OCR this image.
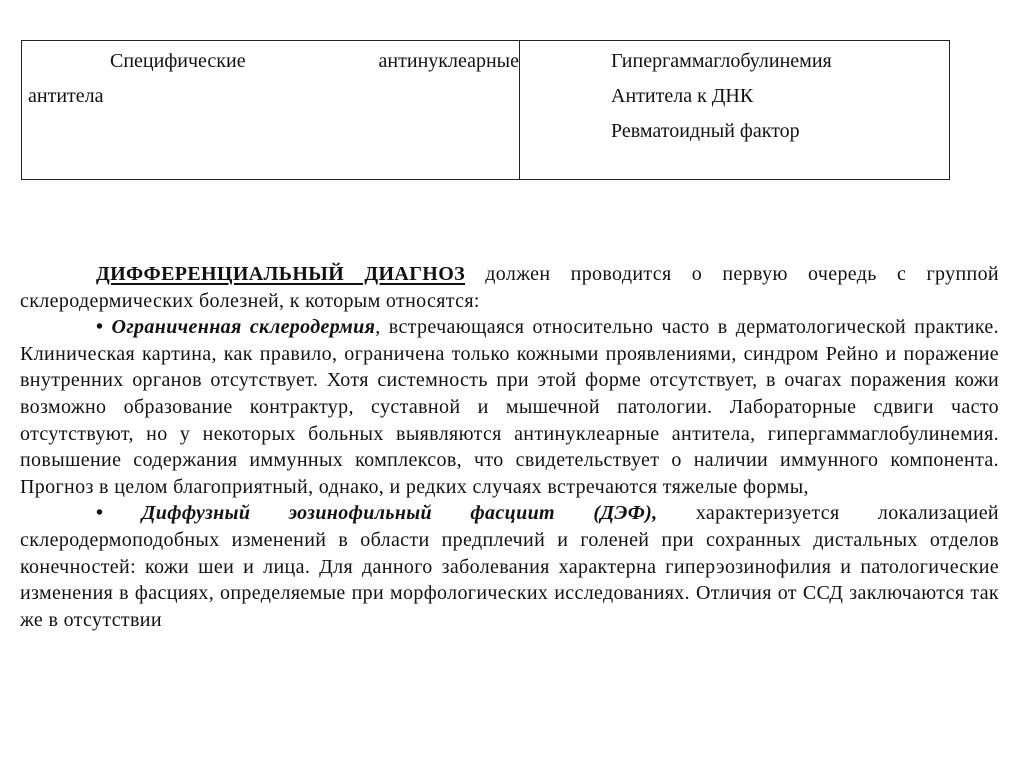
Специфические	антинуклеарные
антитела
Гипергаммаглобулинемия
Антитела к ДНК
Ревматоидный фактор

ДИФФЕРЕНЦИАЛЬНЫЙ ДИАГНОЗ должен проводится о первую очередь с группой склеродермических болезней, к которым относятся:

• Ограниченная склеродермия, встречающаяся относительно часто в дерматологической практике. Клиническая картина, как правило, ограничена только кожными проявлениями, синдром Рейно и поражение внутренних органов отсутствует. Хотя системность при этой форме отсутствует, в очагах поражения кожи возможно образование контрактур, суставной и мышечной патологии. Лабораторные сдвиги часто отсутствуют, но у некоторых больных выявляются антинуклеарные антитела, гипергаммаглобулинемия. повышение содержания иммунных комплексов, что свидетельствует о наличии иммунного компонента. Прогноз в целом благоприятный, однако, и редких случаях встречаются тяжелые формы,

• Диффузный эозинофильный фасциит (ДЭФ), характеризуется локализацией склеродермоподобных изменений в области предплечий и голеней при сохранных дистальных отделов конечностей: кожи шеи и лица. Для данного заболевания характерна гиперэозинофилия и патологические изменения в фасциях, определяемые при морфологических исследованиях. Отличия от ССД заключаются так же в отсутствии
